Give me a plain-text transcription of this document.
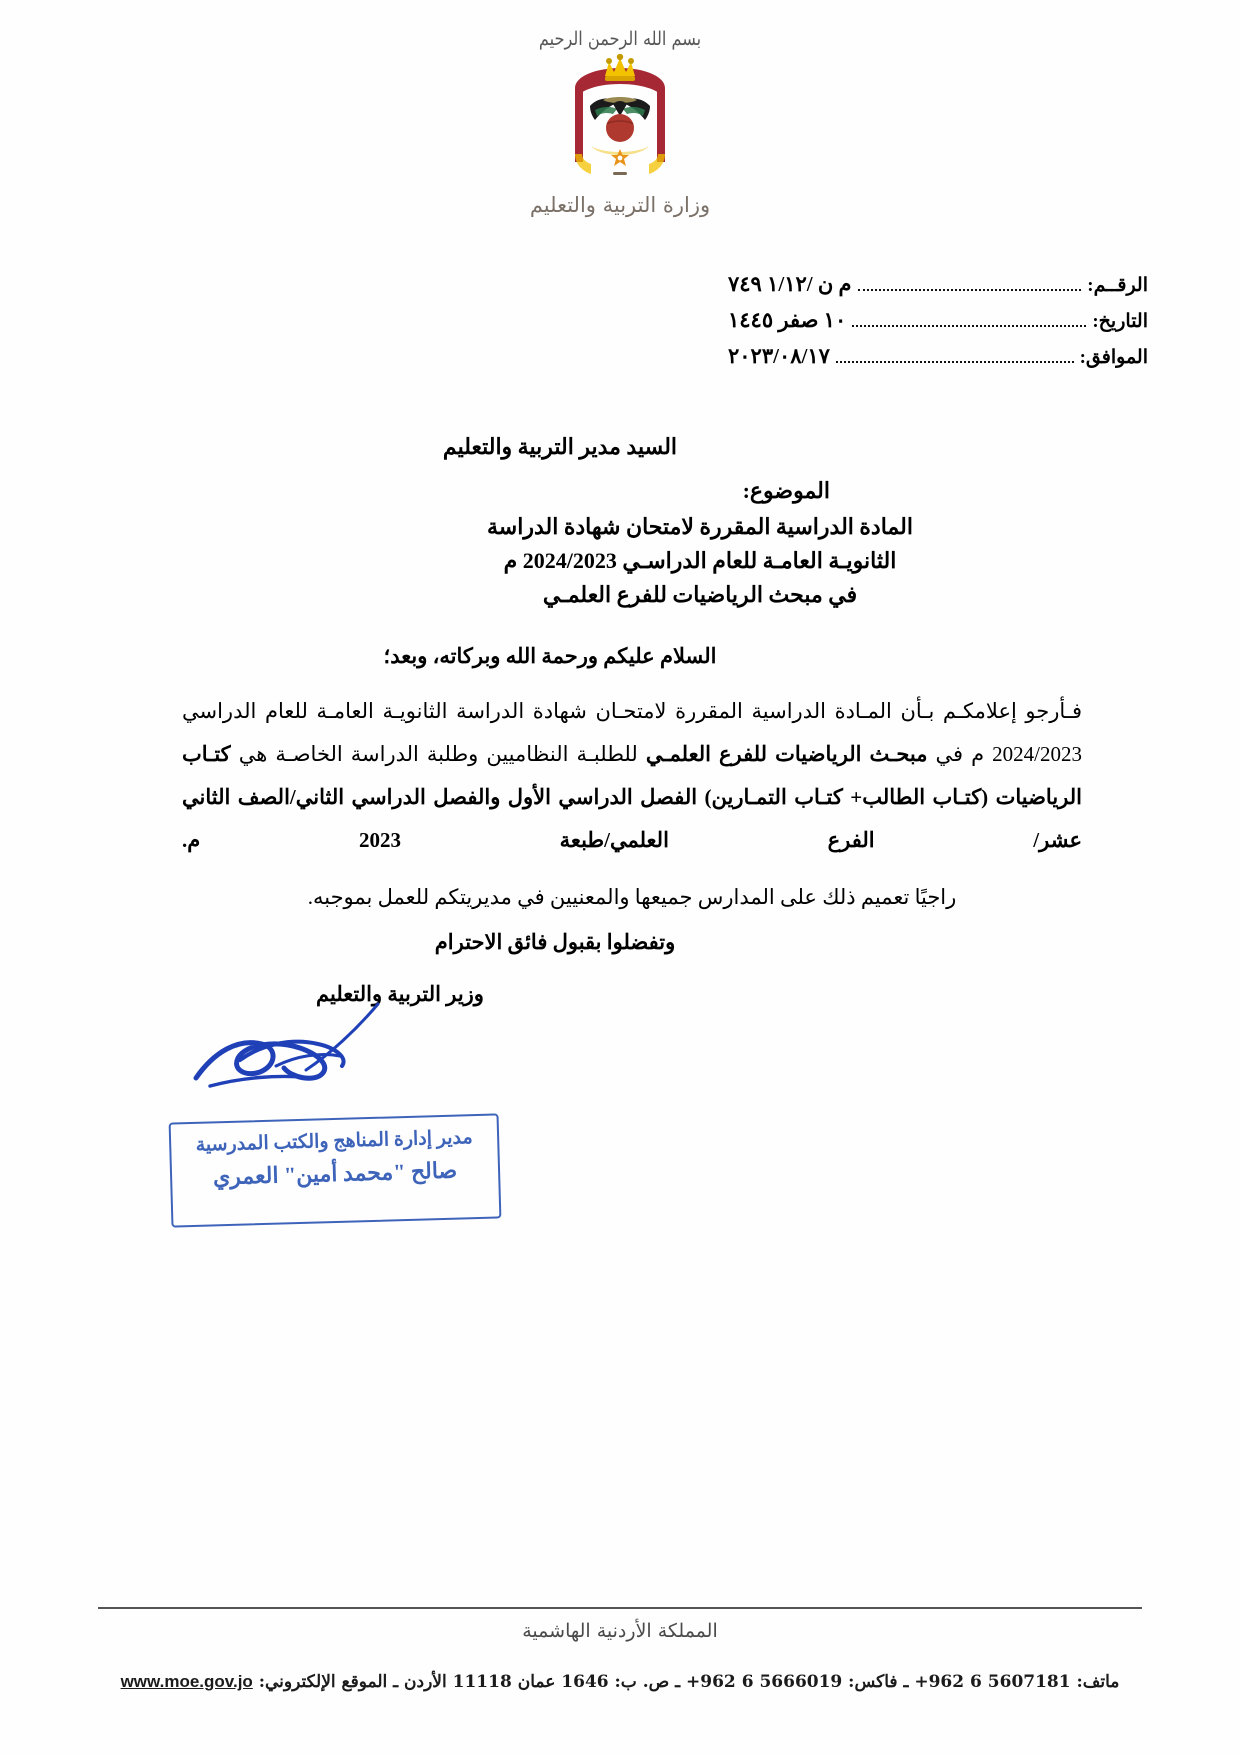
بسم الله الرحمن الرحيم
وزارة التربية والتعليم
الرقــم:
م ن /١/١٢ ٧٤٩
التاريخ:
١٠ صفر ١٤٤٥
الموافق:
٢٠٢٣/٠٨/١٧
السيد مدير التربية والتعليم
الموضوع:
المادة الدراسية المقررة لامتحان شهادة الدراسة
الثانويـة العامـة للعام الدراسـي 2024/2023 م
في مبحث الرياضيات للفرع العلمـي
السلام عليكم ورحمة الله وبركاته، وبعد؛
فـأرجو إعلامكـم بـأن المـادة الدراسية المقررة لامتحـان شهادة الدراسة الثانويـة العامـة للعام الدراسي 2024/2023 م في مبحـث الرياضيات للفرع العلمـي للطلبـة النظاميين وطلبة الدراسة الخاصـة هي كتـاب الرياضيات (كتـاب الطالب+ كتـاب التمـارين) الفصل الدراسي الأول والفصل الدراسي الثاني/الصف الثاني عشر/ الفرع العلمي/طبعة 2023 م.
راجيًا تعميم ذلك على المدارس جميعها والمعنيين في مديريتكم للعمل بموجبه.
وتفضلوا بقبول فائق الاحترام
وزير التربية والتعليم
مدير إدارة المناهج والكتب المدرسية
صالح "محمد أمين" العمري
المملكة الأردنية الهاشمية
ماتف: 5607181 6 962+ ـ فاكس: 5666019 6 962+ ـ ص. ب: 1646 عمان 11118 الأردن ـ الموقع الإلكتروني: www.moe.gov.jo
